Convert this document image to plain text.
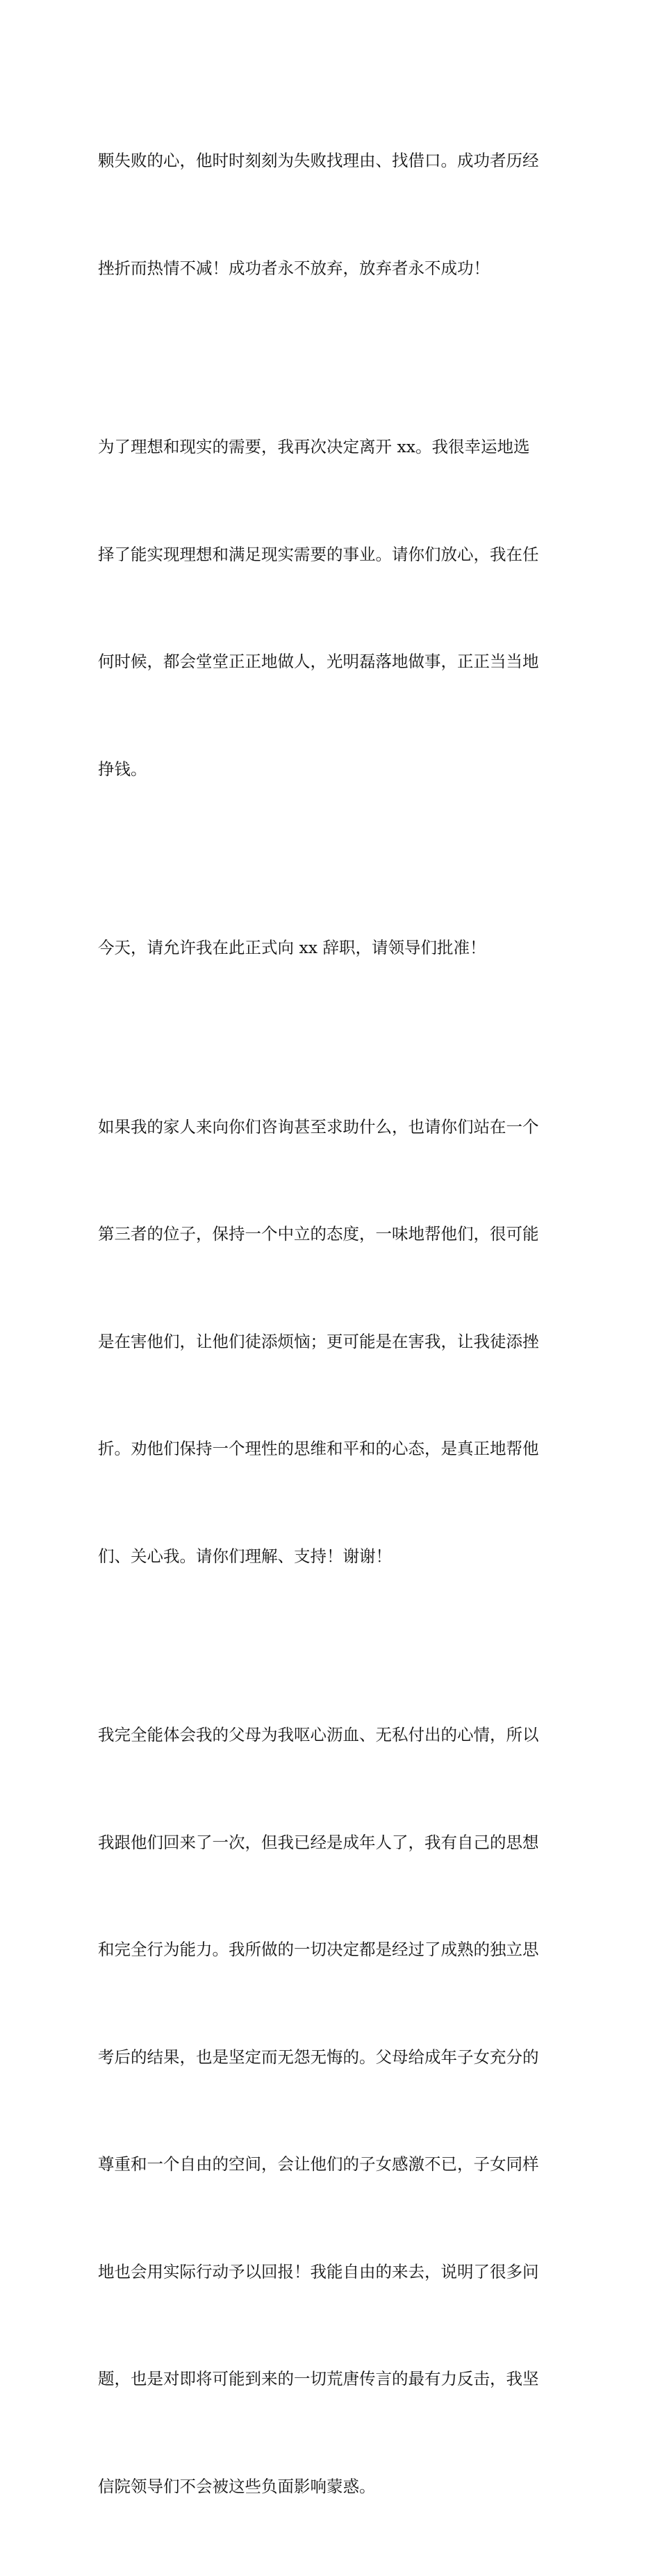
颗失败的心，他时时刻刻为失败找理由、找借口。成功者历经

挫折而热情不减！成功者永不放弃，放弃者永不成功！

为了理想和现实的需要，我再次决定离开 xx。我很幸运地选

择了能实现理想和满足现实需要的事业。请你们放心，我在任

何时候，都会堂堂正正地做人，光明磊落地做事，正正当当地

挣钱。

今天，请允许我在此正式向 xx 辞职，请领导们批准！

如果我的家人来向你们咨询甚至求助什么，也请你们站在一个

第三者的位子，保持一个中立的态度，一味地帮他们，很可能

是在害他们，让他们徒添烦恼；更可能是在害我，让我徒添挫

折。劝他们保持一个理性的思维和平和的心态，是真正地帮他

们、关心我。请你们理解、支持！谢谢！

我完全能体会我的父母为我呕心沥血、无私付出的心情，所以

我跟他们回来了一次，但我已经是成年人了，我有自己的思想

和完全行为能力。我所做的一切决定都是经过了成熟的独立思

考后的结果，也是坚定而无怨无悔的。父母给成年子女充分的

尊重和一个自由的空间，会让他们的子女感激不已，子女同样

地也会用实际行动予以回报！我能自由的来去，说明了很多问

题，也是对即将可能到来的一切荒唐传言的最有力反击，我坚

信院领导们不会被这些负面影响蒙惑。
